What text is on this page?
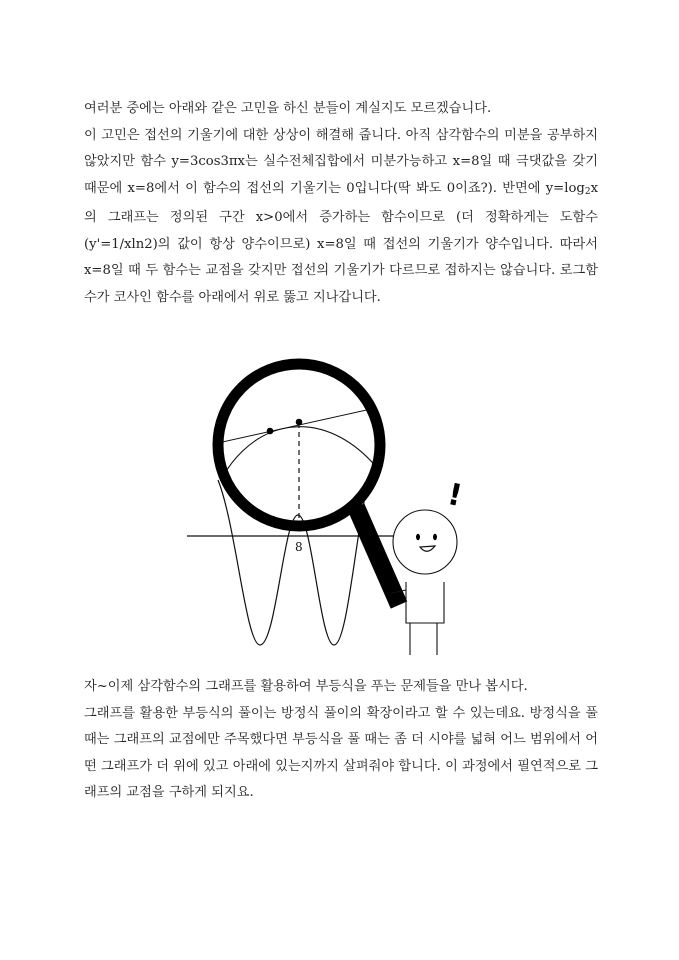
여러분 중에는 아래와 같은 고민을 하신 분들이 계실지도 모르겠습니다.

이 고민은 접선의 기울기에 대한 상상이 해결해 줍니다. 아직 삼각함수의 미분을 공부하지 않았지만 함수 y=3cos3πx는 실수전체집합에서 미분가능하고 x=8일 때 극댓값을 갖기 때문에 x=8에서 이 함수의 접선의 기울기는 0입니다(딱 봐도 0이죠?). 반면에 $y=\log_2x$의 그래프는 정의된 구간 x>0에서 증가하는 함수이므로 (더 정확하게는 도함수(y'=1/xln2)의 값이 항상 양수이므로) x=8일 때 접선의 기울기가 양수입니다. 따라서 x=8일 때 두 함수는 교점을 갖지만 접선의 기울기가 다르므로 접하지는 않습니다. 로그함수가 코사인 함수를 아래에서 위로 뚫고 지나갑니다.

8
!

자~이제 삼각함수의 그래프를 활용하여 부등식을 푸는 문제들을 만나 봅시다.

그래프를 활용한 부등식의 풀이는 방정식 풀이의 확장이라고 할 수 있는데요. 방정식을 풀 때는 그래프의 교점에만 주목했다면 부등식을 풀 때는 좀 더 시야를 넓혀 어느 범위에서 어떤 그래프가 더 위에 있고 아래에 있는지까지 살펴줘야 합니다. 이 과정에서 필연적으로 그래프의 교점을 구하게 되지요.
